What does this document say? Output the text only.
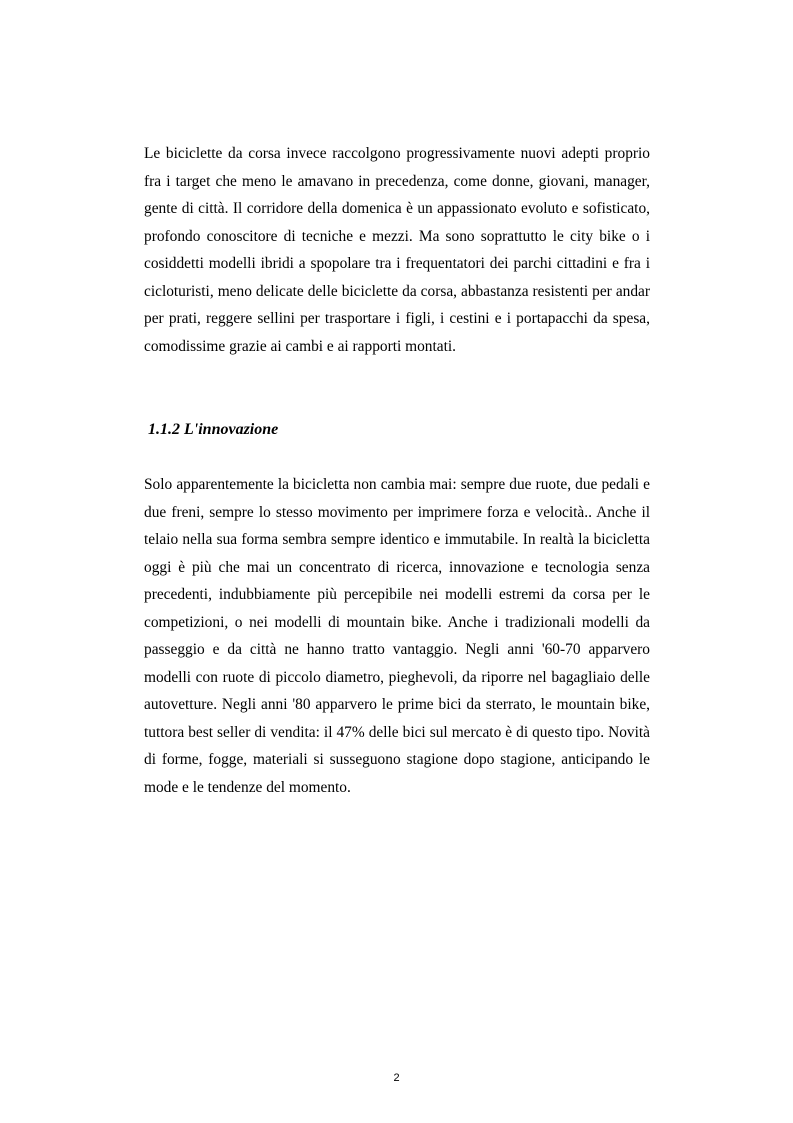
Le biciclette da corsa invece raccolgono progressivamente nuovi adepti proprio fra i target che meno le amavano in precedenza, come donne, giovani, manager, gente di città. Il corridore della domenica è un appassionato evoluto e sofisticato, profondo conoscitore di tecniche e mezzi. Ma sono soprattutto le city bike o i cosiddetti modelli ibridi a spopolare tra i frequentatori dei parchi cittadini e fra i cicloturisti, meno delicate delle biciclette da corsa, abbastanza resistenti per andar per prati, reggere sellini per trasportare i figli, i cestini e i portapacchi da spesa, comodissime grazie ai cambi e ai rapporti montati.

1.1.2 L'innovazione

Solo apparentemente la bicicletta non cambia mai: sempre due ruote, due pedali e due freni, sempre lo stesso movimento per imprimere forza e velocità.. Anche il telaio nella sua forma sembra sempre identico e immutabile. In realtà la bicicletta oggi è più che mai un concentrato di ricerca, innovazione e tecnologia senza precedenti, indubbiamente più percepibile nei modelli estremi da corsa per le competizioni, o nei modelli di mountain bike. Anche i tradizionali modelli da passeggio e da città ne hanno tratto vantaggio. Negli anni '60-70 apparvero modelli con ruote di piccolo diametro, pieghevoli, da riporre nel bagagliaio delle autovetture. Negli anni '80 apparvero le prime bici da sterrato, le mountain bike, tuttora best seller di vendita: il 47% delle bici sul mercato è di questo tipo. Novità di forme, fogge, materiali si susseguono stagione dopo stagione, anticipando le mode e le tendenze del momento.

2
